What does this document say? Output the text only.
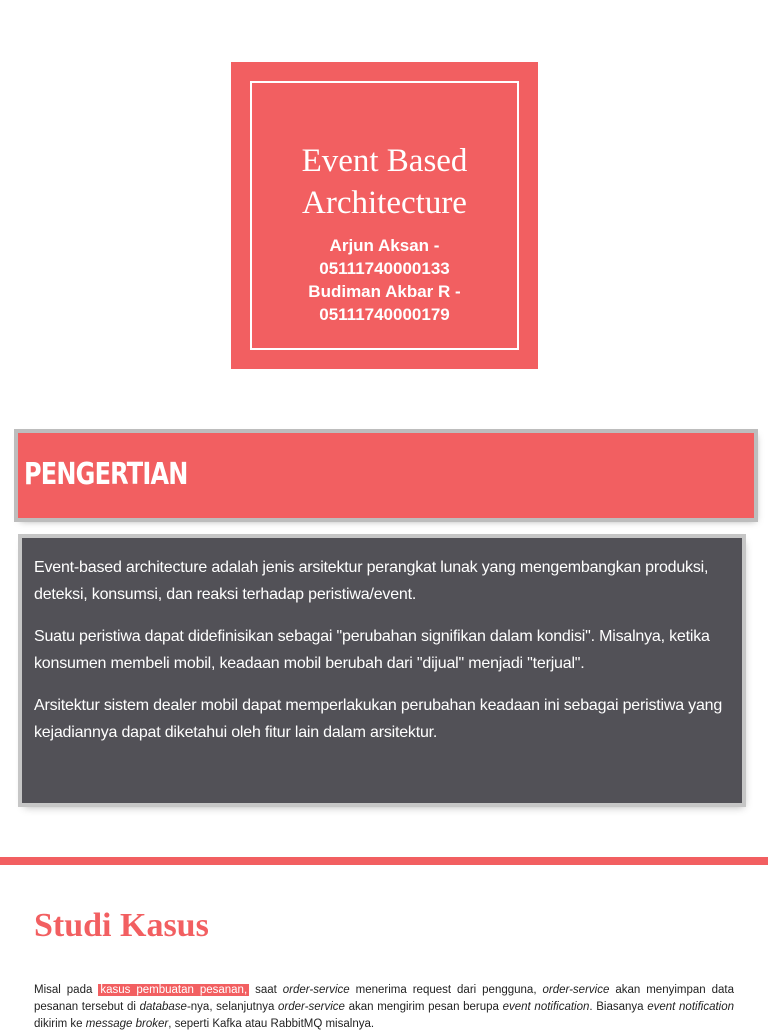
Event Based
Architecture
Arjun Aksan -
05111740000133
Budiman Akbar R -
05111740000179
PENGERTIAN

Event-based architecture adalah jenis arsitektur perangkat lunak yang mengembangkan produksi, deteksi, konsumsi, dan reaksi terhadap peristiwa/event.

Suatu peristiwa dapat didefinisikan sebagai "perubahan signifikan dalam kondisi". Misalnya, ketika konsumen membeli mobil, keadaan mobil berubah dari "dijual" menjadi "terjual".

Arsitektur sistem dealer mobil dapat memperlakukan perubahan keadaan ini sebagai peristiwa yang kejadiannya dapat diketahui oleh fitur lain dalam arsitektur.

Studi Kasus
Misal pada kasus pembuatan pesanan, saat order-service menerima request dari pengguna, order-service akan menyimpan data pesanan tersebut di database-nya, selanjutnya order-service akan mengirim pesan berupa event notification. Biasanya event notification dikirim ke message broker, seperti Kafka atau RabbitMQ misalnya.
